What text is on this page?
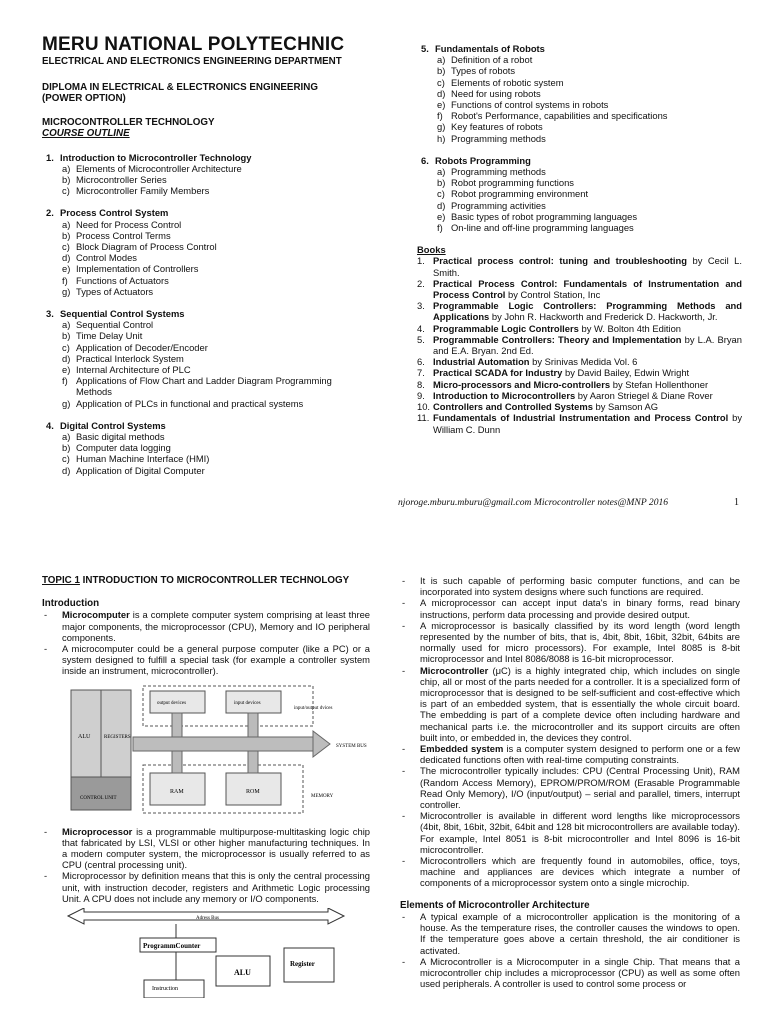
MERU NATIONAL POLYTECHNIC
ELECTRICAL AND ELECTRONICS ENGINEERING DEPARTMENT
DIPLOMA IN ELECTRICAL & ELECTRONICS ENGINEERING
(POWER OPTION)
MICROCONTROLLER TECHNOLOGY
COURSE OUTLINE
1. Introduction to Microcontroller Technology
a) Elements of Microcontroller Architecture
b) Microcontroller Series
c) Microcontroller Family Members
2. Process Control System
a) Need for Process Control
b) Process Control Terms
c) Block Diagram of Process Control
d) Control Modes
e) Implementation of Controllers
f) Functions of Actuators
g) Types of Actuators
3. Sequential Control Systems
a) Sequential Control
b) Time Delay Unit
c) Application of Decoder/Encoder
d) Practical Interlock System
e) Internal Architecture of PLC
f) Applications of Flow Chart and Ladder Diagram Programming Methods
g) Application of PLCs in functional and practical systems
4. Digital Control Systems
a) Basic digital methods
b) Computer data logging
c) Human Machine Interface (HMI)
d) Application of Digital Computer
5. Fundamentals of Robots
a) Definition of a robot
b) Types of robots
c) Elements of robotic system
d) Need for using robots
e) Functions of control systems in robots
f) Robot's Performance, capabilities and specifications
g) Key features of robots
h) Programming methods
6. Robots Programming
a) Programming methods
b) Robot programming functions
c) Robot programming environment
d) Programming activities
e) Basic types of robot programming languages
f) On-line and off-line programming languages
Books
1. Practical process control: tuning and troubleshooting by Cecil L. Smith.
2. Practical Process Control: Fundamentals of Instrumentation and Process Control by Control Station, Inc
3. Programmable Logic Controllers: Programming Methods and Applications by John R. Hackworth and Frederick D. Hackworth, Jr.
4. Programmable Logic Controllers by W. Bolton 4th Edition
5. Programmable Controllers: Theory and Implementation by L.A. Bryan and E.A. Bryan. 2nd Ed.
6. Industrial Automation by Srinivas Medida Vol. 6
7. Practical SCADA for Industry by David Bailey, Edwin Wright
8. Micro-processors and Micro-controllers by Stefan Hollenthoner
9. Introduction to Microcontrollers by Aaron Striegel & Diane Rover
10. Controllers and Controlled Systems by Samson AG
11. Fundamentals of Industrial Instrumentation and Process Control by William C. Dunn
njoroge.mburu.mburu@gmail.com Microcontroller notes@MNP 2016	1
TOPIC 1 INTRODUCTION TO MICROCONTROLLER TECHNOLOGY
Introduction
- Microcomputer is a complete computer system comprising at least three major components, the microprocessor (CPU), Memory and IO peripheral components.
- A microcomputer could be a general purpose computer (like a PC) or a system designed to fulfill a special task (for example a controller system inside an instrument, microcontroller).
ALU	REGISTERS
CONTROL UNIT
SYSTEM BUS
output devices	input devices
input/output dvices
RAM	ROM
MEMORY
- Microprocessor is a programmable multipurpose-multitasking logic chip that fabricated by LSI, VLSI or other higher manufacturing techniques. In a modern computer system, the microprocessor is usually referred to as CPU (central processing unit).
- Microprocessor by definition means that this is only the central processing unit, with instruction decoder, registers and Arithmetic Logic processing Unit. A CPU does not include any memory or I/O components.
Adress Bus
ProgrammCounter
ALU
Register
Instruction
- It is such capable of performing basic computer functions, and can be incorporated into system designs where such functions are required.
- A microprocessor can accept input data's in binary forms, read binary instructions, perform data processing and provide desired output.
- A microprocessor is basically classified by its word length (word length represented by the number of bits, that is, 4bit, 8bit, 16bit, 32bit, 64bits are normally used for micro processors). For example, Intel 8085 is 8-bit microprocessor and Intel 8086/8088 is 16-bit microprocessor.
- Microcontroller (μC) is a highly integrated chip, which includes on single chip, all or most of the parts needed for a controller. It is a specialized form of microprocessor that is designed to be self-sufficient and cost-effective which is part of an embedded system, that is essentially the whole circuit board. The embedding is part of a complete device often including hardware and mechanical parts i.e. the microcontroller and its support circuits are often built into, or embedded in, the devices they control.
- Embedded system is a computer system designed to perform one or a few dedicated functions often with real-time computing constraints.
- The microcontroller typically includes: CPU (Central Processing Unit), RAM (Random Access Memory), EPROM/PROM/ROM (Erasable Programmable Read Only Memory), I/O (input/output) – serial and parallel, timers, interrupt controller.
- Microcontroller is available in different word lengths like microprocessors (4bit, 8bit, 16bit, 32bit, 64bit and 128 bit microcontrollers are available today). For example, Intel 8051 is 8-bit microcontroller and Intel 8096 is 16-bit microcontroller.
- Microcontrollers which are frequently found in automobiles, office, toys, machine and appliances are devices which integrate a number of components of a microprocessor system onto a single microchip.
Elements of Microcontroller Architecture
- A typical example of a microcontroller application is the monitoring of a house. As the temperature rises, the controller causes the windows to open. If the temperature goes above a certain threshold, the air conditioner is activated.
- A Microcontroller is a Microcomputer in a single Chip. That means that a microcontroller chip includes a microprocessor (CPU) as well as some often used peripherals. A controller is used to control some process or
